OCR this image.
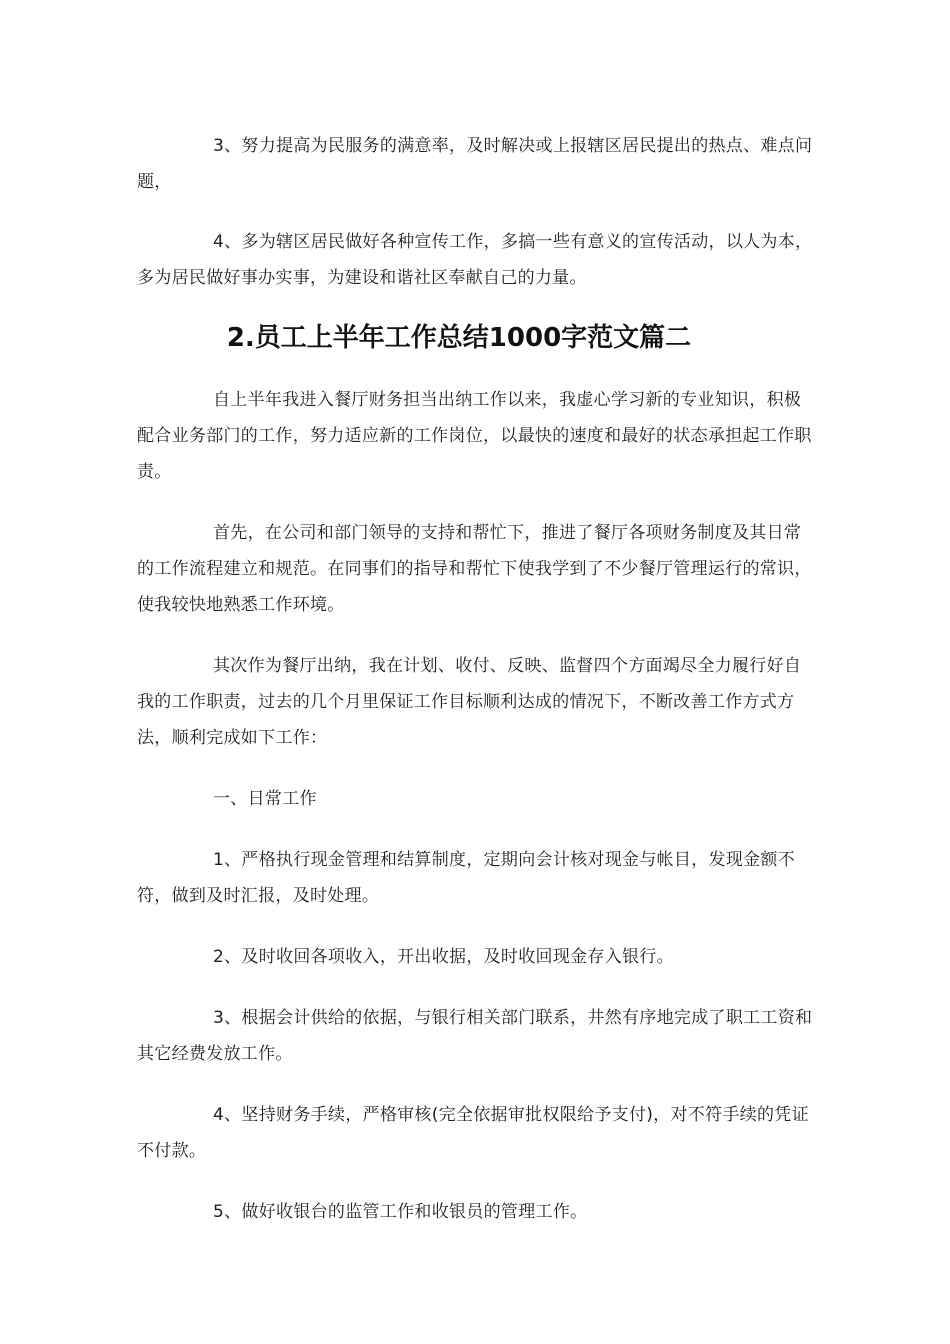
3、努力提高为民服务的满意率，及时解决或上报辖区居民提出的热点、难点问题，

4、多为辖区居民做好各种宣传工作，多搞一些有意义的宣传活动，以人为本，多为居民做好事办实事，为建设和谐社区奉献自己的力量。

2.员工上半年工作总结1000字范文篇二

自上半年我进入餐厅财务担当出纳工作以来，我虚心学习新的专业知识，积极配合业务部门的工作，努力适应新的工作岗位，以最快的速度和最好的状态承担起工作职责。

首先，在公司和部门领导的支持和帮忙下，推进了餐厅各项财务制度及其日常的工作流程建立和规范。在同事们的指导和帮忙下使我学到了不少餐厅管理运行的常识，使我较快地熟悉工作环境。

其次作为餐厅出纳，我在计划、收付、反映、监督四个方面竭尽全力履行好自我的工作职责，过去的几个月里保证工作目标顺利达成的情况下，不断改善工作方式方法，顺利完成如下工作：

一、日常工作

1、严格执行现金管理和结算制度，定期向会计核对现金与帐目，发现金额不符，做到及时汇报，及时处理。

2、及时收回各项收入，开出收据，及时收回现金存入银行。

3、根据会计供给的依据，与银行相关部门联系，井然有序地完成了职工工资和其它经费发放工作。

4、坚持财务手续，严格审核(完全依据审批权限给予支付)，对不符手续的凭证不付款。

5、做好收银台的监管工作和收银员的管理工作。
